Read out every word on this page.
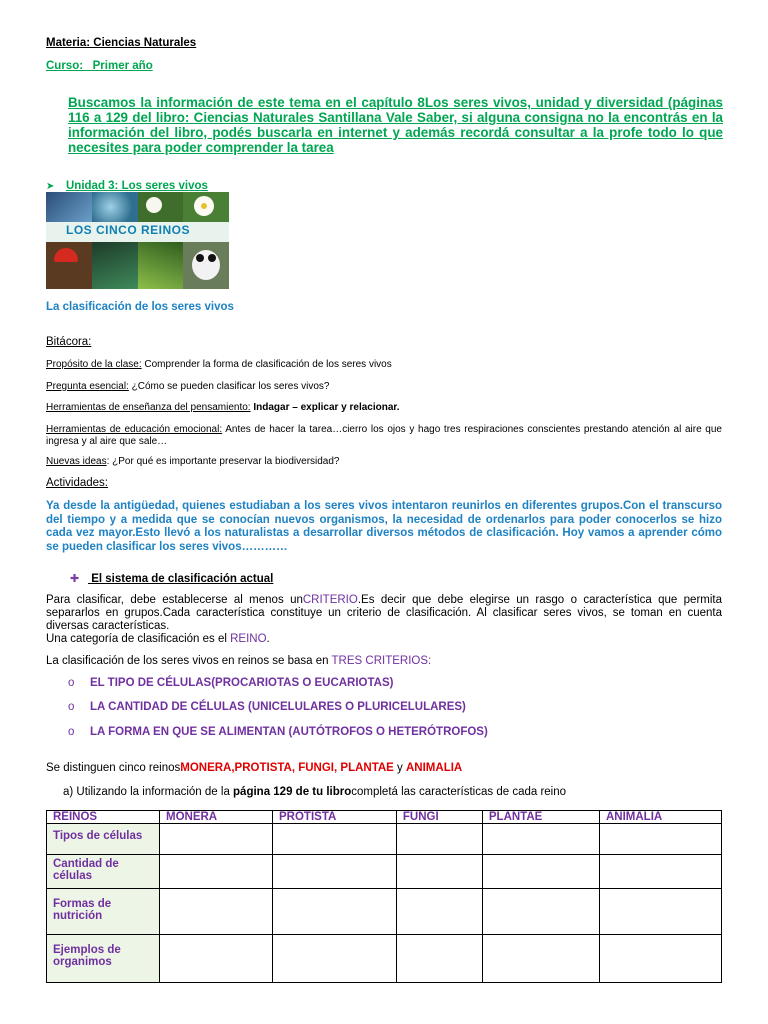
Materia: Ciencias Naturales
Curso:   Primer año
Buscamos la información de este tema en el capítulo 8Los seres vivos, unidad y diversidad (páginas 116 a 129 del libro: Ciencias Naturales Santillana Vale Saber, si alguna consigna no la encontrás en la información del libro, podés buscarla en internet y además recordá consultar a la profe todo lo que necesites para poder comprender la tarea
➤ Unidad 3: Los seres vivos
LOS CINCO REINOS
La clasificación de los seres vivos
Bitácora:
Propósito de la clase: Comprender la forma de clasificación de los seres vivos
Pregunta esencial: ¿Cómo se pueden clasificar los seres vivos?
Herramientas de enseñanza del pensamiento: Indagar – explicar y relacionar.
Herramientas de educación emocional: Antes de hacer la tarea…cierro los ojos y hago tres respiraciones conscientes prestando atención al aire que ingresa y al aire que sale…
Nuevas ideas: ¿Por qué es importante preservar la biodiversidad?
Actividades:
Ya desde la antigüedad, quienes estudiaban a los seres vivos intentaron reunirlos en diferentes grupos.Con el transcurso del tiempo y a medida que se conocían nuevos organismos, la necesidad de ordenarlos para poder conocerlos se hizo cada vez mayor.Esto llevó a los naturalistas a desarrollar diversos métodos de clasificación. Hoy vamos a aprender cómo se pueden clasificar los seres vivos…………
✚ El sistema de clasificación actual
Para clasificar, debe establecerse al menos unCRITERIO.Es decir que debe elegirse un rasgo o característica que permita separarlos en grupos.Cada característica constituye un criterio de clasificación. Al clasificar seres vivos, se toman en cuenta diversas características.
Una categoría de clasificación es el REINO.
La clasificación de los seres vivos en reinos se basa en TRES CRITERIOS:
o EL TIPO DE CÉLULAS(PROCARIOTAS O EUCARIOTAS)
o LA CANTIDAD DE CÉLULAS (UNICELULARES O PLURICELULARES)
o LA FORMA EN QUE SE ALIMENTAN (AUTÓTROFOS O HETERÓTROFOS)
Se distinguen cinco reinosMONERA,PROTISTA, FUNGI, PLANTAE y ANIMALIA
a) Utilizando la información de la página 129 de tu librocompletá las características de cada reino
REINOS	MONERA	PROTISTA	FUNGI	PLANTAE	ANIMALIA
Tipos de células					
Cantidad de células					
Formas de nutrición					
Ejemplos de organimos					
